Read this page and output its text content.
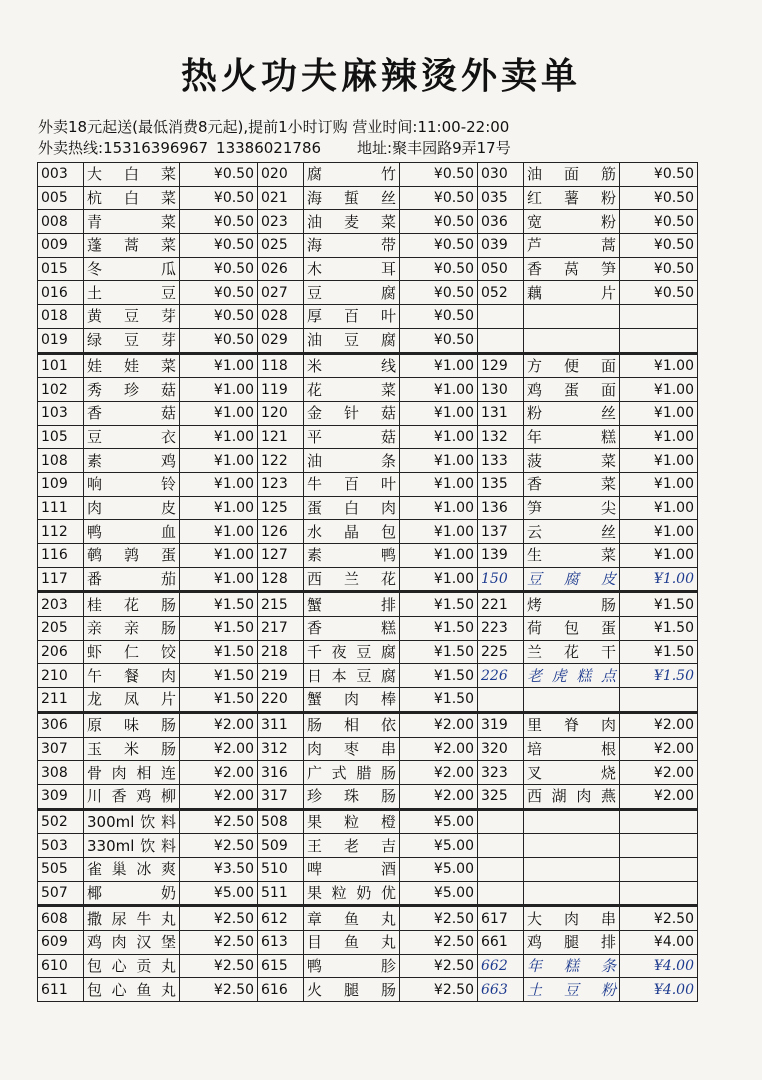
热火功夫麻辣烫外卖单
外卖18元起送(最低消费8元起),提前1小时订购 营业时间:11:00-22:00
外卖热线:15316396967 13386021786 地址:聚丰园路9弄17号
003	大白菜	¥0.50	020	腐竹	¥0.50	030	油面筋	¥0.50
005	杭白菜	¥0.50	021	海蜇丝	¥0.50	035	红薯粉	¥0.50
008	青菜	¥0.50	023	油麦菜	¥0.50	036	宽粉	¥0.50
009	蓬蒿菜	¥0.50	025	海带	¥0.50	039	芦蒿	¥0.50
015	冬瓜	¥0.50	026	木耳	¥0.50	050	香莴笋	¥0.50
016	土豆	¥0.50	027	豆腐	¥0.50	052	藕片	¥0.50
018	黄豆芽	¥0.50	028	厚百叶	¥0.50			
019	绿豆芽	¥0.50	029	油豆腐	¥0.50			
101	娃娃菜	¥1.00	118	米线	¥1.00	129	方便面	¥1.00
102	秀珍菇	¥1.00	119	花菜	¥1.00	130	鸡蛋面	¥1.00
103	香菇	¥1.00	120	金针菇	¥1.00	131	粉丝	¥1.00
105	豆衣	¥1.00	121	平菇	¥1.00	132	年糕	¥1.00
108	素鸡	¥1.00	122	油条	¥1.00	133	菠菜	¥1.00
109	响铃	¥1.00	123	牛百叶	¥1.00	135	香菜	¥1.00
111	肉皮	¥1.00	125	蛋白肉	¥1.00	136	笋尖	¥1.00
112	鸭血	¥1.00	126	水晶包	¥1.00	137	云丝	¥1.00
116	鹌鹑蛋	¥1.00	127	素鸭	¥1.00	139	生菜	¥1.00
117	番茄	¥1.00	128	西兰花	¥1.00	150	豆腐皮	¥1.00
203	桂花肠	¥1.50	215	蟹排	¥1.50	221	烤肠	¥1.50
205	亲亲肠	¥1.50	217	香糕	¥1.50	223	荷包蛋	¥1.50
206	虾仁饺	¥1.50	218	千夜豆腐	¥1.50	225	兰花干	¥1.50
210	午餐肉	¥1.50	219	日本豆腐	¥1.50	226	老虎糕点	¥1.50
211	龙凤片	¥1.50	220	蟹肉棒	¥1.50			
306	原味肠	¥2.00	311	肠相依	¥2.00	319	里脊肉	¥2.00
307	玉米肠	¥2.00	312	肉枣串	¥2.00	320	培根	¥2.00
308	骨肉相连	¥2.00	316	广式腊肠	¥2.00	323	叉烧	¥2.00
309	川香鸡柳	¥2.00	317	珍珠肠	¥2.00	325	西湖肉燕	¥2.00
502	300ml饮料	¥2.50	508	果粒橙	¥5.00			
503	330ml饮料	¥2.50	509	王老吉	¥5.00			
505	雀巢冰爽	¥3.50	510	啤酒	¥5.00			
507	椰奶	¥5.00	511	果粒奶优	¥5.00			
608	撒尿牛丸	¥2.50	612	章鱼丸	¥2.50	617	大肉串	¥2.50
609	鸡肉汉堡	¥2.50	613	目鱼丸	¥2.50	661	鸡腿排	¥4.00
610	包心贡丸	¥2.50	615	鸭胗	¥2.50	662	年糕条	¥4.00
611	包心鱼丸	¥2.50	616	火腿肠	¥2.50	663	土豆粉	¥4.00
